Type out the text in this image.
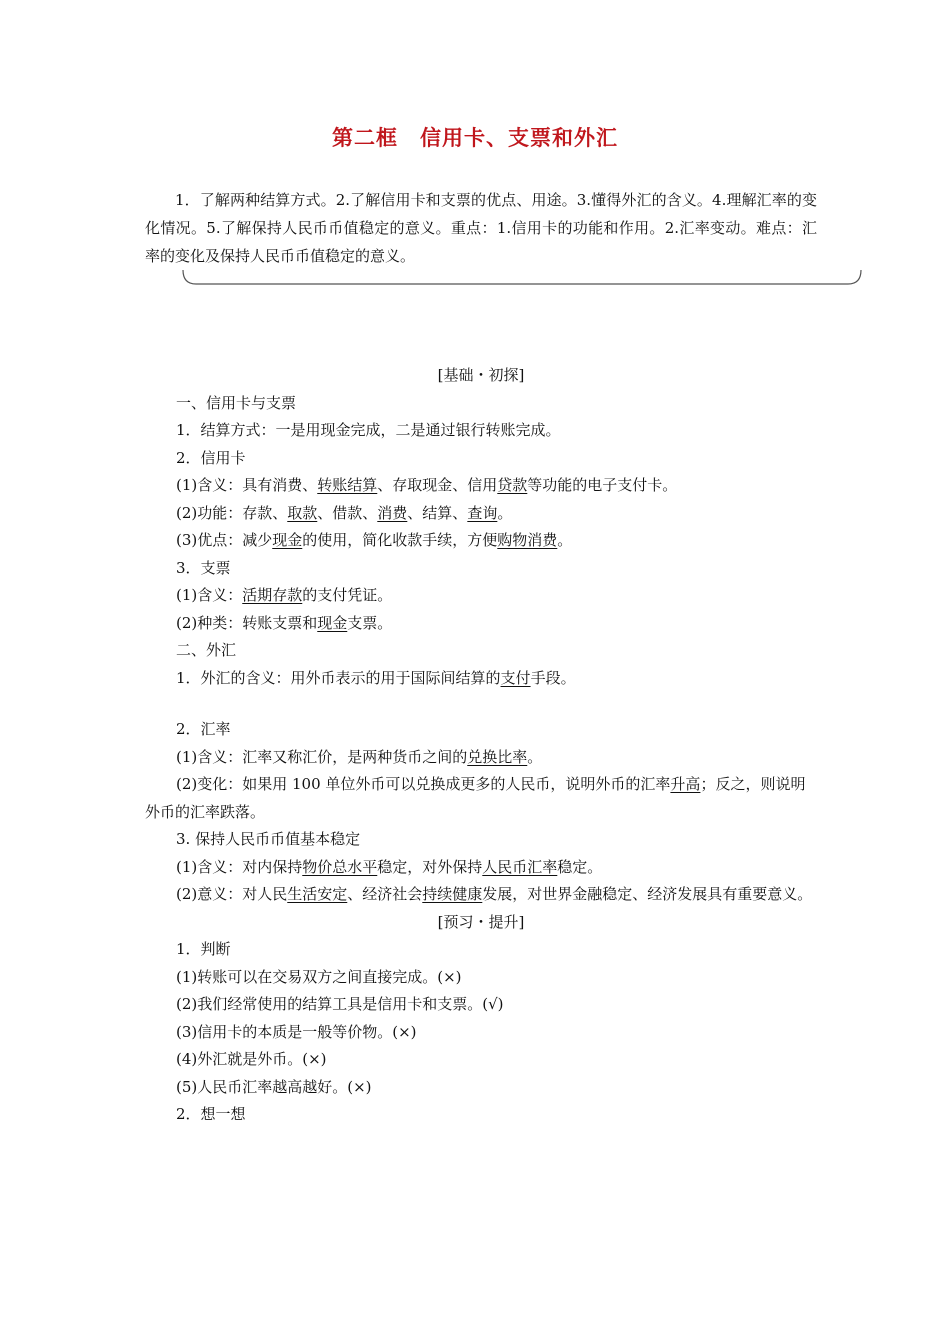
第二框　信用卡、支票和外汇
1．了解两种结算方式。2.了解信用卡和支票的优点、用途。3.懂得外汇的含义。4.理解汇率的变化情况。5.了解保持人民币币值稳定的意义。重点：1.信用卡的功能和作用。2.汇率变动。难点：汇率的变化及保持人民币币值稳定的意义。
[基础・初探]
一、信用卡与支票
1．结算方式：一是用现金完成，二是通过银行转账完成。
2．信用卡
(1)含义：具有消费、转账结算、存取现金、信用贷款等功能的电子支付卡。
(2)功能：存款、取款、借款、消费、结算、查询。
(3)优点：减少现金的使用，简化收款手续，方便购物消费。
3．支票
(1)含义：活期存款的支付凭证。
(2)种类：转账支票和现金支票。
二、外汇
1．外汇的含义：用外币表示的用于国际间结算的支付手段。
2．汇率
(1)含义：汇率又称汇价，是两种货币之间的兑换比率。
(2)变化：如果用 100 单位外币可以兑换成更多的人民币，说明外币的汇率升高；反之，则说明外币的汇率跌落。
3. 保持人民币币值基本稳定
(1)含义：对内保持物价总水平稳定，对外保持人民币汇率稳定。
(2)意义：对人民生活安定、经济社会持续健康发展，对世界金融稳定、经济发展具有重要意义。
[预习・提升]
1．判断
(1)转账可以在交易双方之间直接完成。(×)
(2)我们经常使用的结算工具是信用卡和支票。(√)
(3)信用卡的本质是一般等价物。(×)
(4)外汇就是外币。(×)
(5)人民币汇率越高越好。(×)
2．想一想
